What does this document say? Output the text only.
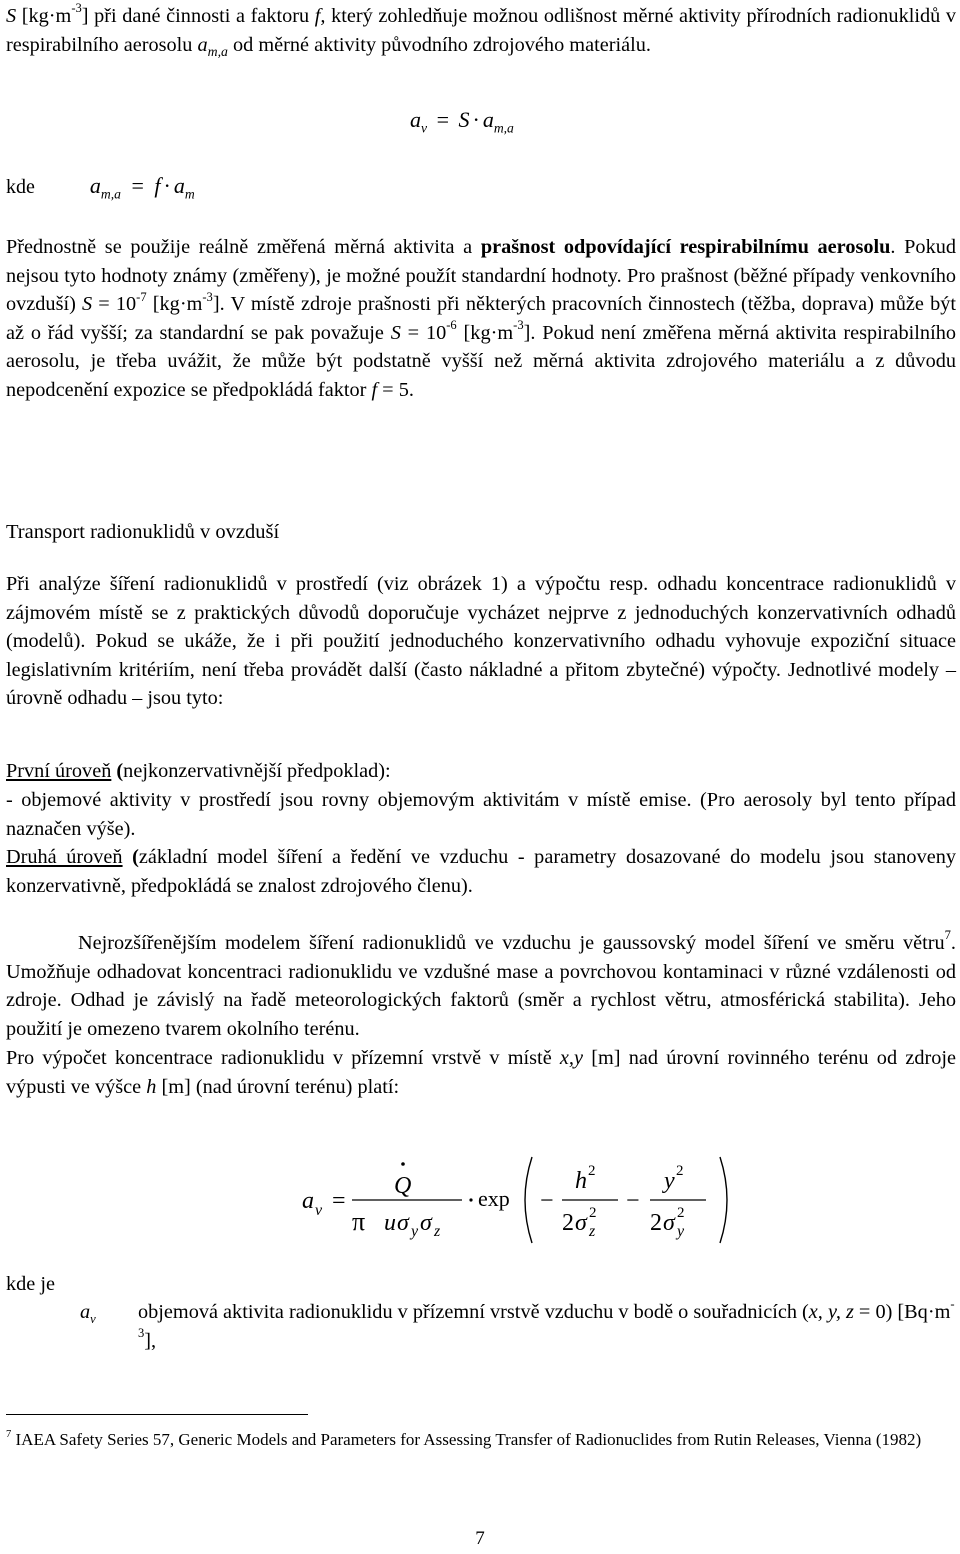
S $[kg\cdot m^{-3}]$ při dané činnosti a faktoru f, který zohledňuje možnou odlišnost měrné aktivity přírodních radionuklidů v respirabilního aerosolu $a_{m,a}$ od měrné aktivity původního zdrojového materiálu.

$a_v = S \cdot a_{m,a}$
kde	$a_{m,a} = f \cdot a_m$

Přednostně se použije reálně změřená měrná aktivita a prašnost odpovídající respirabilnímu aerosolu. Pokud nejsou tyto hodnoty známy (změřeny), je možné použít standardní hodnoty. Pro prašnost (běžné případy venkovního ovzduší) $S = 10^{-7}$ $[kg\cdot m^{-3}]$. V místě zdroje prašnosti při některých pracovních činnostech (těžba, doprava) může být až o řád vyšší; za standardní se pak považuje $S = 10^{-6}$ $[kg\cdot m^{-3}]$. Pokud není změřena měrná aktivita respirabilního aerosolu, je třeba uvážit, že může být podstatně vyšší než měrná aktivita zdrojového materiálu a z důvodu nepodcenění expozice se předpokládá faktor f = 5.

Transport radionuklidů v ovzduší

Při analýze šíření radionuklidů v prostředí (viz obrázek 1) a výpočtu resp. odhadu koncentrace radionuklidů v zájmovém místě se z praktických důvodů doporučuje vycházet nejprve z jednoduchých konzervativních odhadů (modelů). Pokud se ukáže, že i při použití jednoduchého konzervativního odhadu vyhovuje expoziční situace legislativním kritériím, není třeba provádět další (často nákladné a přitom zbytečné) výpočty. Jednotlivé modely – úrovně odhadu – jsou tyto:

První úroveň (nejkonzervativnější předpoklad):

- objemové aktivity v prostředí jsou rovny objemovým aktivitám v místě emise. (Pro aerosoly byl tento případ naznačen výše).

Druhá úroveň (základní model šíření a ředění ve vzduchu - parametry dosazované do modelu jsou stanoveny konzervativně, předpokládá se znalost zdrojového členu).

Nejrozšířenějším modelem šíření radionuklidů ve vzduchu je gaussovský model šíření ve směru větru$^7$. Umožňuje odhadovat koncentraci radionuklidu ve vzdušné mase a povrchovou kontaminaci v různé vzdálenosti od zdroje. Odhad je závislý na řadě meteorologických faktorů (směr a rychlost větru, atmosférická stabilita). Jeho použití je omezeno tvarem okolního terénu.

Pro výpočet koncentrace radionuklidu v přízemní vrstvě v místě x,y [m] nad úrovní rovinného terénu od zdroje výpusti ve výšce h [m] (nad úrovní terénu) platí:

a v =
Q
π u σ y σ z
exp −
h 2
2 σ z
2 −
y 2
2 σ y
2
kde je
$a_v$ objemová aktivita radionuklidu v přízemní vrstvě vzduchu v bodě o souřadnicích (x, y, z = 0) $[Bq\cdot m^{-3}]$,
$^7$ IAEA Safety Series 57, Generic Models and Parameters for Assessing Transfer of Radionuclides from Rutin Releases, Vienna (1982)
7
